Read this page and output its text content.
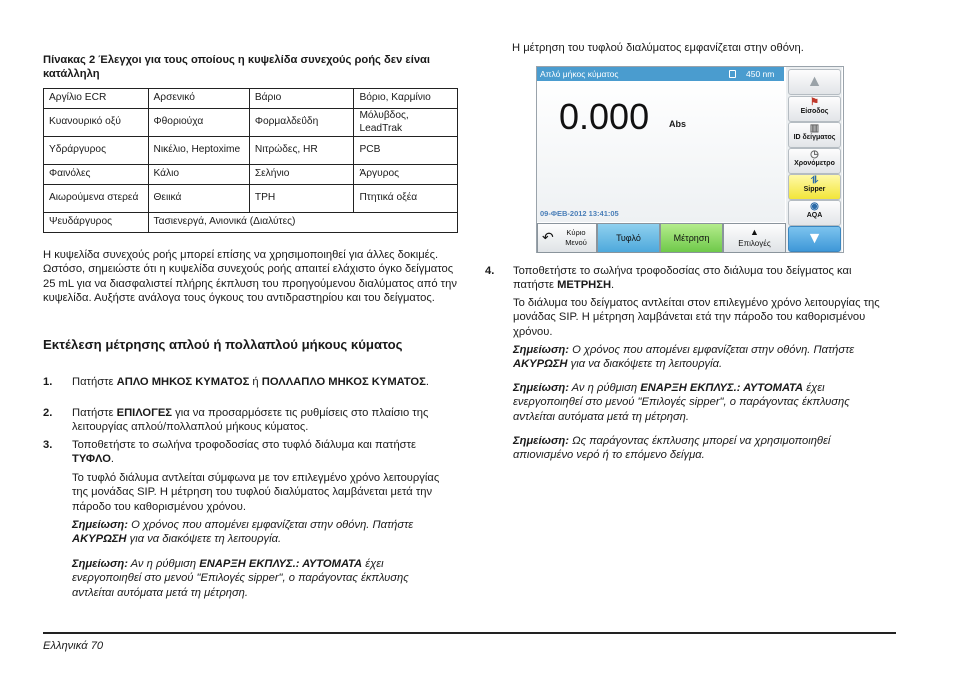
Πίνακας 2 Έλεγχοι για τους οποίους η κυψελίδα συνεχούς ροής δεν είναι κατάλληλη
Αργίλιο ECR	Αρσενικό	Βάριο	Βόριο, Καρμίνιο
Κυανουρικό οξύ	Φθοριούχα	Φορμαλδεΰδη	Μόλυβδος, LeadTrak
Υδράργυρος	Νικέλιο, Heptoxime	Νιτρώδες, HR	PCB
Φαινόλες	Κάλιο	Σελήνιο	Άργυρος
Αιωρούμενα στερεά	Θειικά	TPH	Πτητικά οξέα
Ψευδάργυρος	Τασιενεργά, Ανιονικά (Διαλύτες)		

Η κυψελίδα συνεχούς ροής μπορεί επίσης να χρησιμοποιηθεί για άλλες δοκιμές. Ωστόσο, σημειώστε ότι η κυψελίδα συνεχούς ροής απαιτεί ελάχιστο όγκο δείγματος 25 mL για να διασφαλιστεί πλήρης έκπλυση του προηγούμενου διαλύματος από την κυψελίδα. Αυξήστε ανάλογα τους όγκους του αντιδραστηρίου και του δείγματος.

Εκτέλεση μέτρησης απλού ή πολλαπλού μήκους κύματος
1. Πατήστε ΑΠΛΟ ΜΗΚΟΣ ΚΥΜΑΤΟΣ ή ΠΟΛΛΑΠΛΟ ΜΗΚΟΣ ΚΥΜΑΤΟΣ.

2. Πατήστε ΕΠΙΛΟΓΕΣ για να προσαρμόσετε τις ρυθμίσεις στο πλαίσιο της λειτουργίας απλού/πολλαπλού μήκους κύματος.

3. Τοποθετήστε το σωλήνα τροφοδοσίας στο τυφλό διάλυμα και πατήστε ΤΥΦΛΟ.

Το τυφλό διάλυμα αντλείται σύμφωνα με τον επιλεγμένο χρόνο λειτουργίας της μονάδας SIP. Η μέτρηση του τυφλού διαλύματος λαμβάνεται μετά την πάροδο του καθορισμένου χρόνου.

Σημείωση: Ο χρόνος που απομένει εμφανίζεται στην οθόνη. Πατήστε ΑΚΥΡΩΣΗ για να διακόψετε τη λειτουργία.

Σημείωση: Αν η ρύθμιση ΕΝΑΡΞΗ ΕΚΠΛΥΣ.: ΑΥΤΟΜΑΤΑ έχει ενεργοποιηθεί στο μενού "Επιλογές sipper", ο παράγοντας έκπλυσης αντλείται αυτόματα μετά τη μέτρηση.

Η μέτρηση του τυφλού διαλύματος εμφανίζεται στην οθόνη.

Απλό μήκος κύματος	450 nm
0.000 Abs
09-ΦΕΒ-2012 13:41:05
↶	Κύριο Μενού	Τυφλό	Μέτρηση
▲
Επιλογές
▲
⚑
Είσοδος
▥
ID δείγματος
◷
Χρονόμετρο
⥮
Sipper
◉
AQA
▼
4. Τοποθετήστε το σωλήνα τροφοδοσίας στο διάλυμα του δείγματος και πατήστε ΜΕΤΡΗΣΗ.

Το διάλυμα του δείγματος αντλείται στον επιλεγμένο χρόνο λειτουργίας της μονάδας SIP. Η μέτρηση λαμβάνεται ετά την πάροδο του καθορισμένου χρόνου.

Σημείωση: Ο χρόνος που απομένει εμφανίζεται στην οθόνη. Πατήστε ΑΚΥΡΩΣΗ για να διακόψετε τη λειτουργία.

Σημείωση: Αν η ρύθμιση ΕΝΑΡΞΗ ΕΚΠΛΥΣ.: ΑΥΤΟΜΑΤΑ έχει ενεργοποιηθεί στο μενού "Επιλογές sipper", ο παράγοντας έκπλυσης αντλείται αυτόματα μετά τη μέτρηση.

Σημείωση: Ως παράγοντας έκπλυσης μπορεί να χρησιμοποιηθεί απιονισμένο νερό ή το επόμενο δείγμα.

Ελληνικά 70
